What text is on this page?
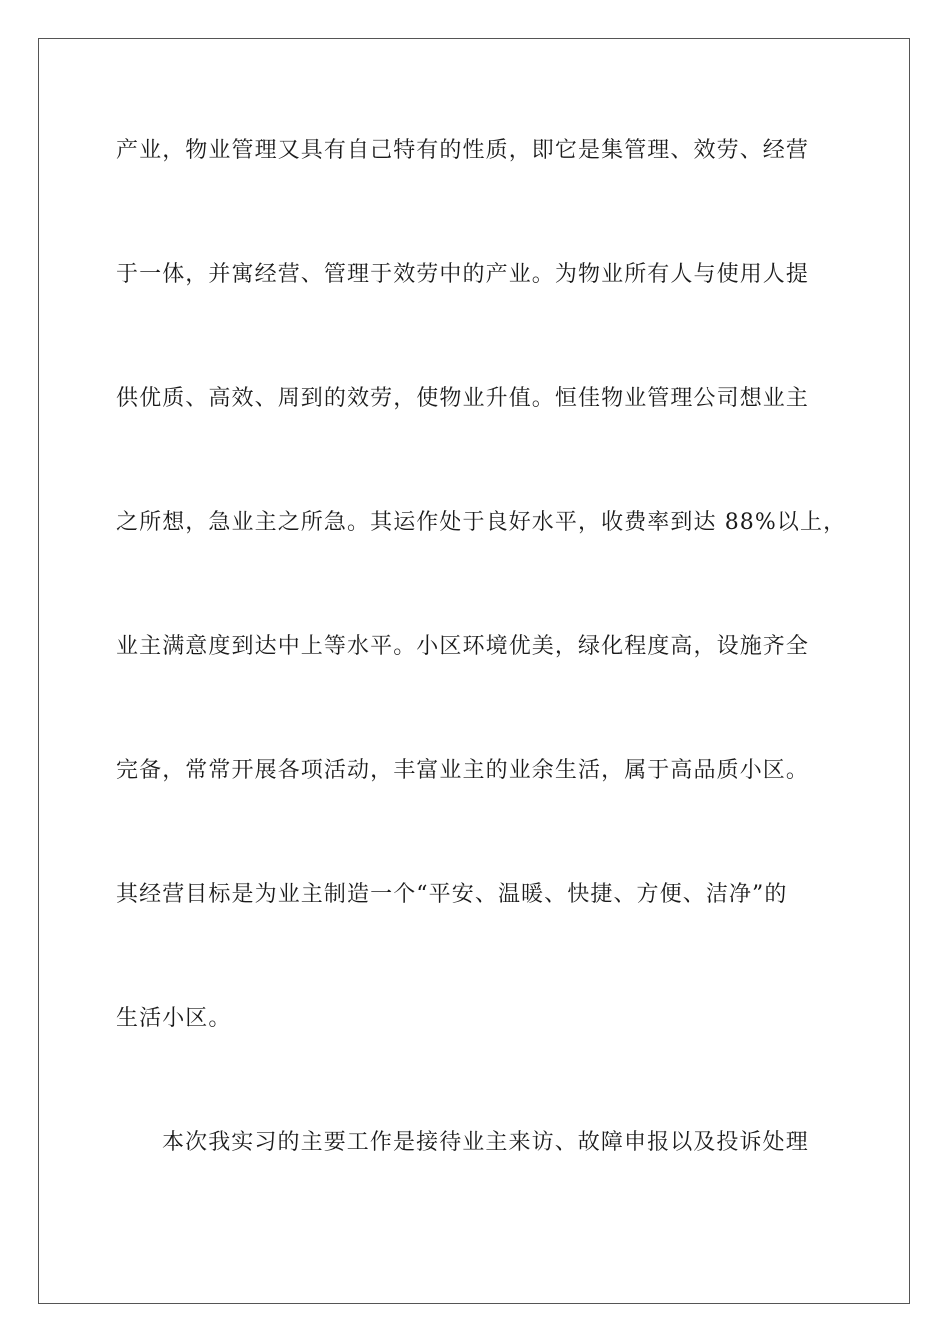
产业，物业管理又具有自己特有的性质，即它是集管理、效劳、经营
于一体，并寓经营、管理于效劳中的产业。为物业所有人与使用人提
供优质、高效、周到的效劳，使物业升值。恒佳物业管理公司想业主
之所想，急业主之所急。其运作处于良好水平，收费率到达 88%以上，
业主满意度到达中上等水平。小区环境优美，绿化程度高，设施齐全
完备，常常开展各项活动，丰富业主的业余生活，属于高品质小区。
其经营目标是为业主制造一个“平安、温暖、快捷、方便、洁净”的
生活小区。
本次我实习的主要工作是接待业主来访、故障申报以及投诉处理
